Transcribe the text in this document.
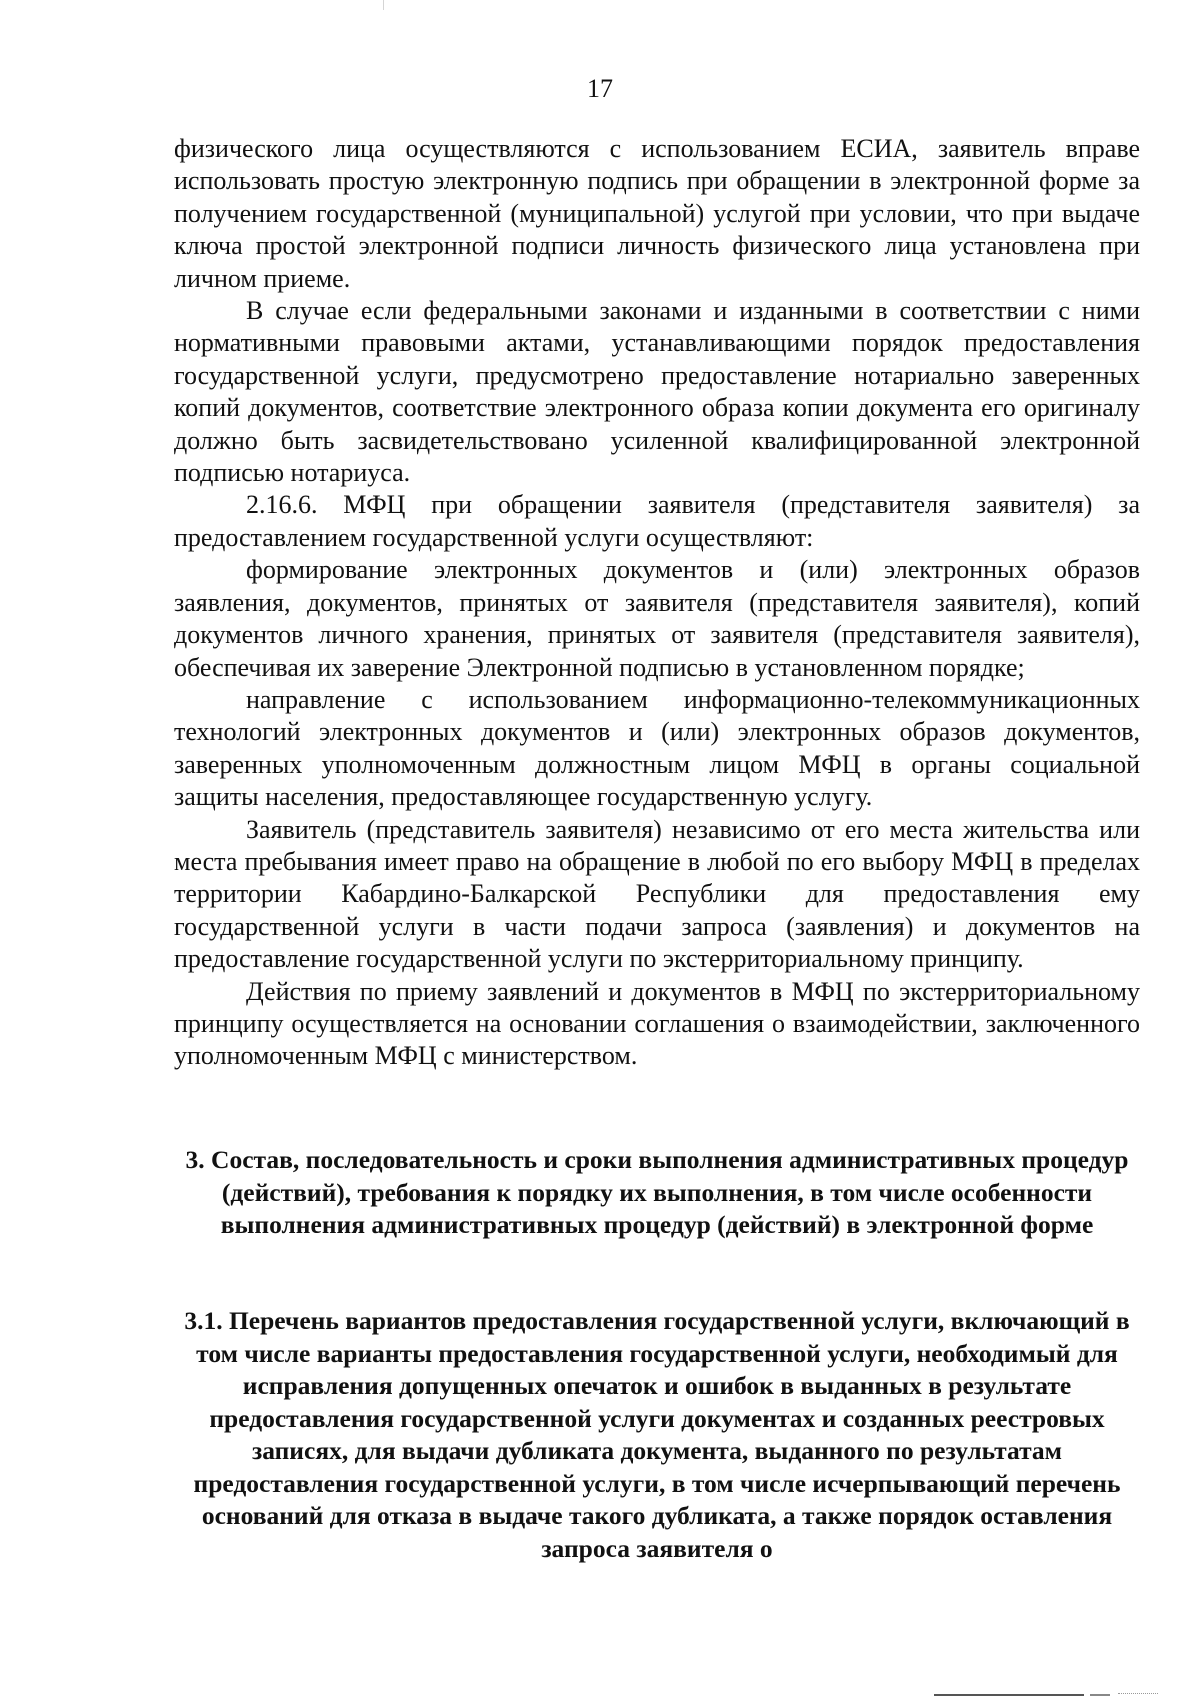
17

физического лица осуществляются с использованием ЕСИА, заявитель вправе использовать простую электронную подпись при обращении в электронной форме за получением государственной (муниципальной) услугой при условии, что при выдаче ключа простой электронной подписи личность физического лица установлена при личном приеме.

В случае если федеральными законами и изданными в соответствии с ними нормативными правовыми актами, устанавливающими порядок предоставления государственной услуги, предусмотрено предоставление нотариально заверенных копий документов, соответствие электронного образа копии документа его оригиналу должно быть засвидетельствовано усиленной квалифицированной электронной подписью нотариуса.

2.16.6. МФЦ при обращении заявителя (представителя заявителя) за предоставлением государственной услуги осуществляют:

формирование электронных документов и (или) электронных образов заявления, документов, принятых от заявителя (представителя заявителя), копий документов личного хранения, принятых от заявителя (представителя заявителя), обеспечивая их заверение Электронной подписью в установленном порядке;

направление с использованием информационно-телекоммуникационных технологий электронных документов и (или) электронных образов документов, заверенных уполномоченным должностным лицом МФЦ в органы социальной защиты населения, предоставляющее государственную услугу.

Заявитель (представитель заявителя) независимо от его места жительства или места пребывания имеет право на обращение в любой по его выбору МФЦ в пределах территории Кабардино-Балкарской Республики для предоставления ему государственной услуги в части подачи запроса (заявления) и документов на предоставление государственной услуги по экстерриториальному принципу.

Действия по приему заявлений и документов в МФЦ по экстерриториальному принципу осуществляется на основании соглашения о взаимодействии, заключенного уполномоченным МФЦ с министерством.

3. Состав, последовательность и сроки выполнения административных процедур (действий), требования к порядку их выполнения, в том числе особенности выполнения административных процедур (действий) в электронной форме
3.1. Перечень вариантов предоставления государственной услуги, включающий в том числе варианты предоставления государственной услуги, необходимый для исправления допущенных опечаток и ошибок в выданных в результате предоставления государственной услуги документах и созданных реестровых записях, для выдачи дубликата документа, выданного по результатам предоставления государственной услуги, в том числе исчерпывающий перечень оснований для отказа в выдаче такого дубликата, а также порядок оставления запроса заявителя о
